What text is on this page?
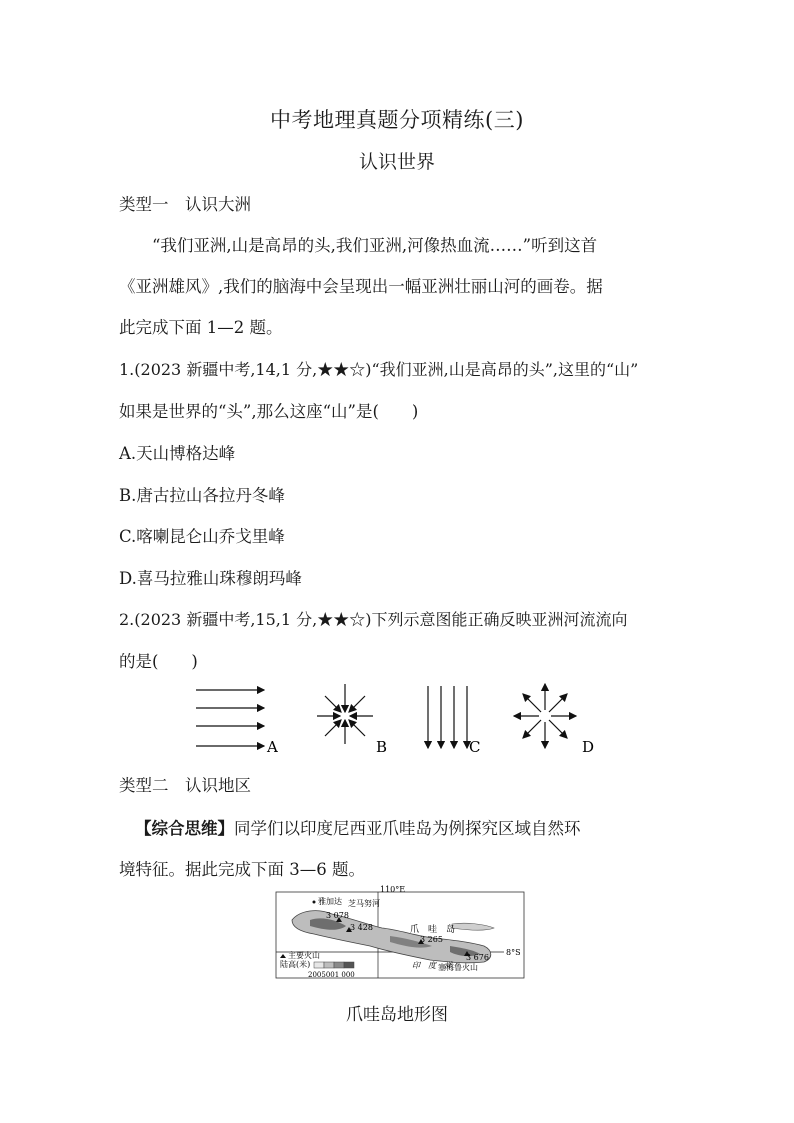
中考地理真题分项精练(三)
认识世界
类型一　认识大洲
“我们亚洲,山是高昂的头,我们亚洲,河像热血流……”听到这首
《亚洲雄风》,我们的脑海中会呈现出一幅亚洲壮丽山河的画卷。据
此完成下面 1—2 题。
1.(2023 新疆中考,14,1 分,★★☆)“我们亚洲,山是高昂的头”,这里的“山”
如果是世界的“头”,那么这座“山”是(　　)
A.天山博格达峰
B.唐古拉山各拉丹冬峰
C.喀喇昆仑山乔戈里峰
D.喜马拉雅山珠穆朗玛峰
2.(2023 新疆中考,15,1 分,★★☆)下列示意图能正确反映亚洲河流流向
的是(　　)
A	B	C	D
类型二　认识地区
【综合思维】同学们以印度尼西亚爪哇岛为例探究区域自然环
境特征。据此完成下面 3—6 题。
110°E
8°S
雅加达 芝马努河
3 078
3 428	爪　哇　岛
3 265
3 676
印　度　洋
塞梅鲁火山
主要火山
陆高(米)
2005001 000
爪哇岛地形图
